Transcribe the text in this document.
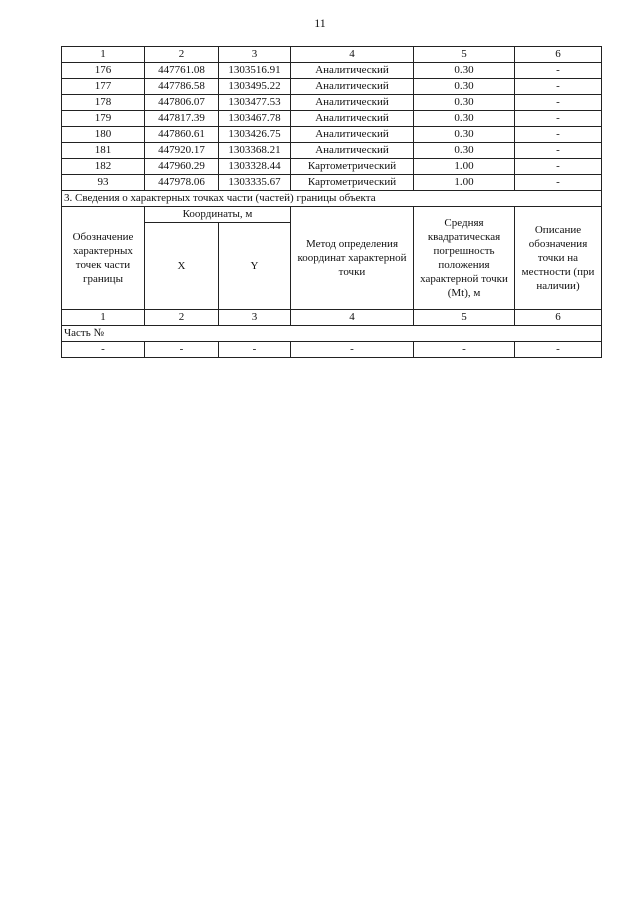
11
1	2	3	4	5	6
176	447761.08	1303516.91	Аналитический	0.30	-
177	447786.58	1303495.22	Аналитический	0.30	-
178	447806.07	1303477.53	Аналитический	0.30	-
179	447817.39	1303467.78	Аналитический	0.30	-
180	447860.61	1303426.75	Аналитический	0.30	-
181	447920.17	1303368.21	Аналитический	0.30	-
182	447960.29	1303328.44	Картометрический	1.00	-
93	447978.06	1303335.67	Картометрический	1.00	-
3. Сведения о характерных точках части (частей) границы объекта					
Обозначение характерных точек части границы	Координаты, м		Метод определения координат характерной точки	Средняя квадратическая погрешность положения характерной точки (Mt), м	Описание обозначения точки на местности (при наличии)
	X	Y			
1	2	3	4	5	6
Часть №					
-	-	-	-	-	-
